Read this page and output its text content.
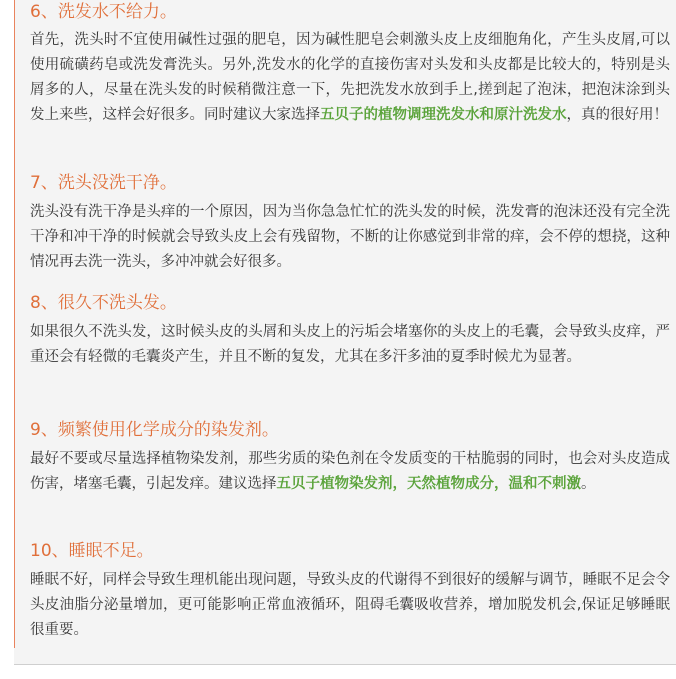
6、洗发水不给力。

首先，洗头时不宜使用碱性过强的肥皂，因为碱性肥皂会刺激头皮上皮细胞角化，产生头皮屑,可以使用硫磺药皂或洗发膏洗头。另外,洗发水的化学的直接伤害对头发和头皮都是比较大的，特别是头屑多的人，尽量在洗头发的时候稍微注意一下，先把洗发水放到手上,搓到起了泡沫，把泡沫涂到头发上来些，这样会好很多。同时建议大家选择五贝子的植物调理洗发水和原汁洗发水，真的很好用！

7、洗头没洗干净。

洗头没有洗干净是头痒的一个原因，因为当你急急忙忙的洗头发的时候，洗发膏的泡沫还没有完全洗干净和冲干净的时候就会导致头皮上会有残留物，不断的让你感觉到非常的痒，会不停的想挠，这种情况再去洗一洗头，多冲冲就会好很多。

8、很久不洗头发。

如果很久不洗头发，这时候头皮的头屑和头皮上的污垢会堵塞你的头皮上的毛囊，会导致头皮痒，严重还会有轻微的毛囊炎产生，并且不断的复发，尤其在多汗多油的夏季时候尤为显著。

9、频繁使用化学成分的染发剂。

最好不要或尽量选择植物染发剂，那些劣质的染色剂在令发质变的干枯脆弱的同时，也会对头皮造成伤害，堵塞毛囊，引起发痒。建议选择五贝子植物染发剂，天然植物成分，温和不刺激。

10、睡眠不足。

睡眠不好，同样会导致生理机能出现问题，导致头皮的代谢得不到很好的缓解与调节，睡眠不足会令头皮油脂分泌量增加，更可能影响正常血液循环，阻碍毛囊吸收营养，增加脱发机会,保证足够睡眠很重要。
